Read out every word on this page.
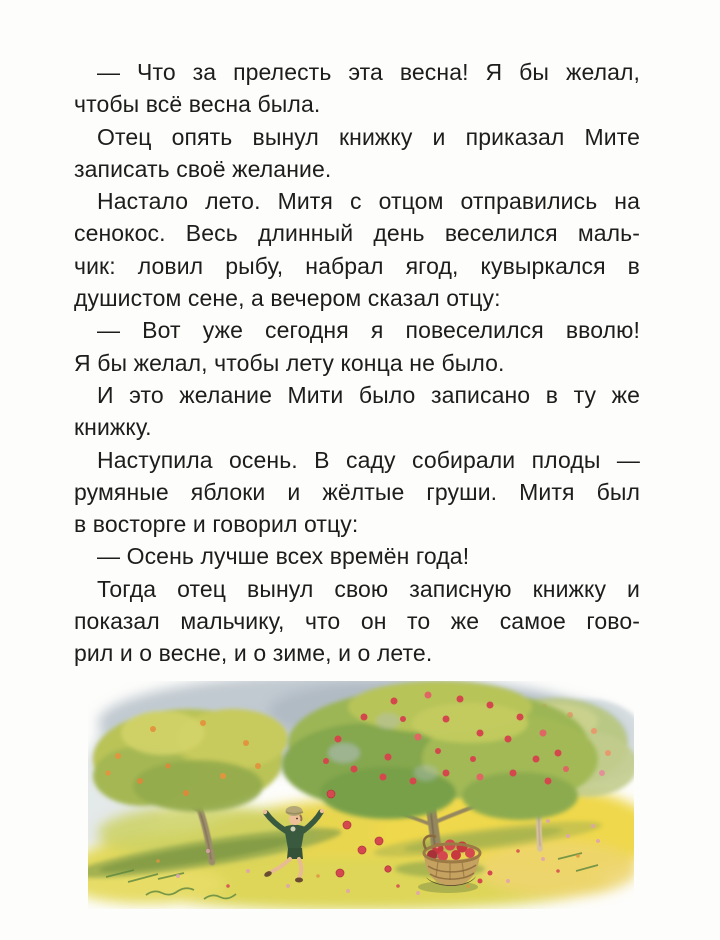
— Что за прелесть эта весна! Я бы желал,
чтобы всё весна была.
Отец опять вынул книжку и приказал Мите
записать своё желание.
Настало лето. Митя с отцом отправились на
сенокос. Весь длинный день веселился маль-
чик: ловил рыбу, набрал ягод, кувыркался в
душистом сене, а вечером сказал отцу:
— Вот уже сегодня я повеселился вволю!
Я бы желал, чтобы лету конца не было.
И это желание Мити было записано в ту же
книжку.
Наступила осень. В саду собирали плоды —
румяные яблоки и жёлтые груши. Митя был
в восторге и говорил отцу:
— Осень лучше всех времён года!
Тогда отец вынул свою записную книжку и
показал мальчику, что он то же самое гово-
рил и о весне, и о зиме, и о лете.
